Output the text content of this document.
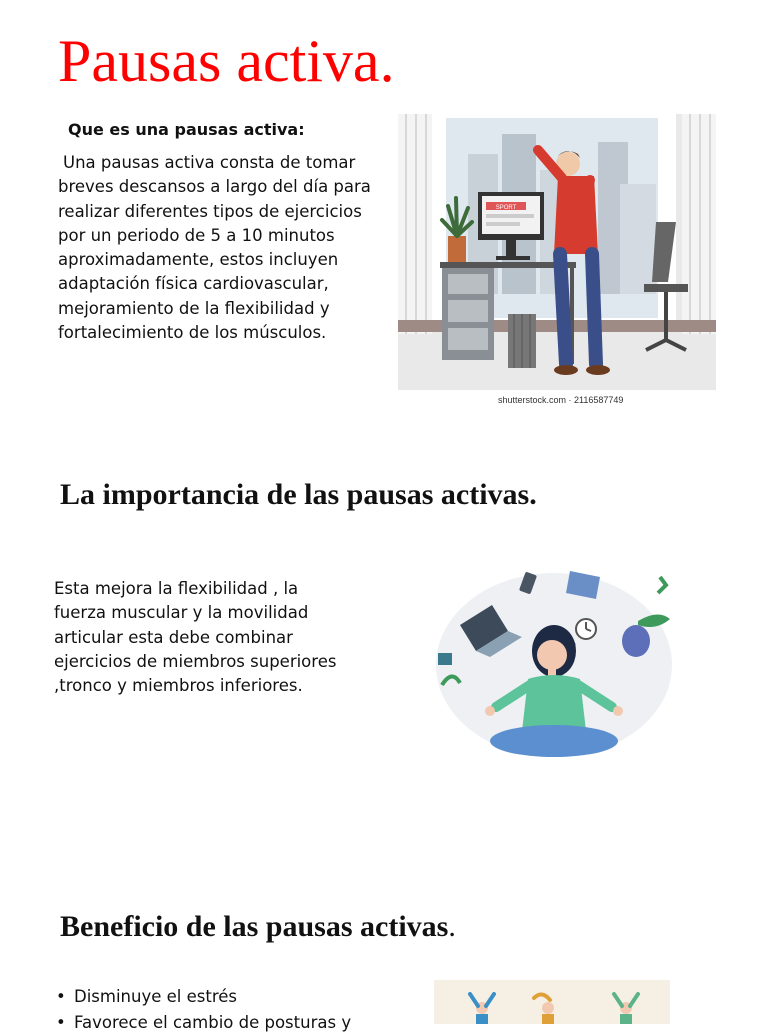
Pausas activa.
Que es una pausas activa:

Una pausas activa consta de tomar breves descansos a largo del día para realizar diferentes tipos de ejercicios por un periodo de 5 a 10 minutos aproximadamente, estos incluyen adaptación física cardiovascular, mejoramiento de la flexibilidad y fortalecimiento de los músculos.

SPORT
shutterstock.com · 2116587749
La importancia de las pausas activas.

Esta mejora la flexibilidad , la fuerza muscular y la movilidad articular esta debe combinar ejercicios de miembros superiores ,tronco y miembros inferiores.

Beneficio de las pausas activas.
• Disminuye el estrés
• Favorece el cambio de posturas y
